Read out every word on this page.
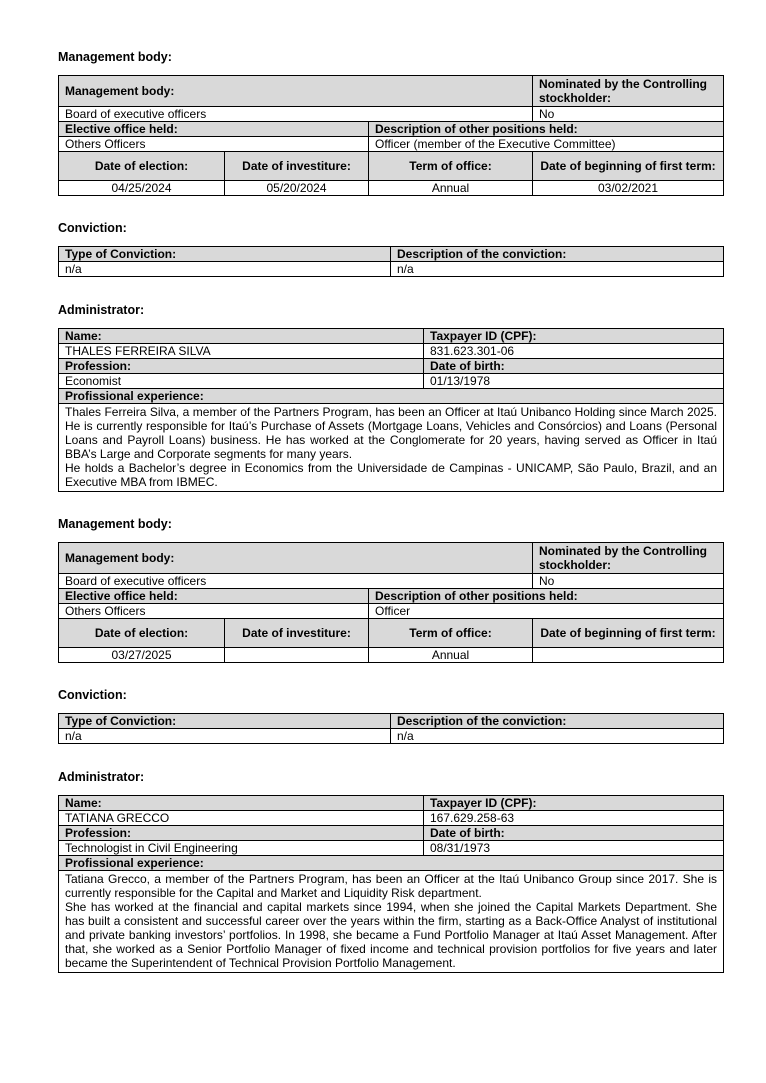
Management body:
Management body:			Nominated by the Controlling stockholder:
Board of executive officers			No
Elective office held:		Description of other positions held:	
Others Officers		Officer (member of the Executive Committee)	
Date of election:	Date of investiture:	Term of office:	Date of beginning of first term:
04/25/2024	05/20/2024	Annual	03/02/2021
Conviction:
Type of Conviction:	Description of the conviction:
n/a	n/a
Administrator:
Name:	Taxpayer ID (CPF):
THALES FERREIRA SILVA	831.623.301-06
Profession:	Date of birth:
Economist	01/13/1978
Profissional experience:	

Thales Ferreira Silva, a member of the Partners Program, has been an Officer at Itaú Unibanco Holding since March 2025. He is currently responsible for Itaú’s Purchase of Assets (Mortgage Loans, Vehicles and Consórcios) and Loans (Personal Loans and Payroll Loans) business. He has worked at the Conglomerate for 20 years, having served as Officer in Itaú BBA’s Large and Corporate segments for many years.
He holds a Bachelor’s degree in Economics from the Universidade de Campinas - UNICAMP, São Paulo, Brazil, and an Executive MBA from IBMEC.	
Management body:
Management body:			Nominated by the Controlling stockholder:
Board of executive officers			No
Elective office held:		Description of other positions held:	
Others Officers		Officer	
Date of election:	Date of investiture:	Term of office:	Date of beginning of first term:
03/27/2025		Annual	
Conviction:
Type of Conviction:	Description of the conviction:
n/a	n/a
Administrator:
Name:	Taxpayer ID (CPF):
TATIANA GRECCO	167.629.258-63
Profession:	Date of birth:
Technologist in Civil Engineering	08/31/1973
Profissional experience:	

Tatiana Grecco, a member of the Partners Program, has been an Officer at the Itaú Unibanco Group since 2017. She is currently responsible for the Capital and Market and Liquidity Risk department.
She has worked at the financial and capital markets since 1994, when she joined the Capital Markets Department. She has built a consistent and successful career over the years within the firm, starting as a Back-Office Analyst of institutional and private banking investors’ portfolios. In 1998, she became a Fund Portfolio Manager at Itaú Asset Management. After that, she worked as a Senior Portfolio Manager of fixed income and technical provision portfolios for five years and later became the Superintendent of Technical Provision Portfolio Management.	
